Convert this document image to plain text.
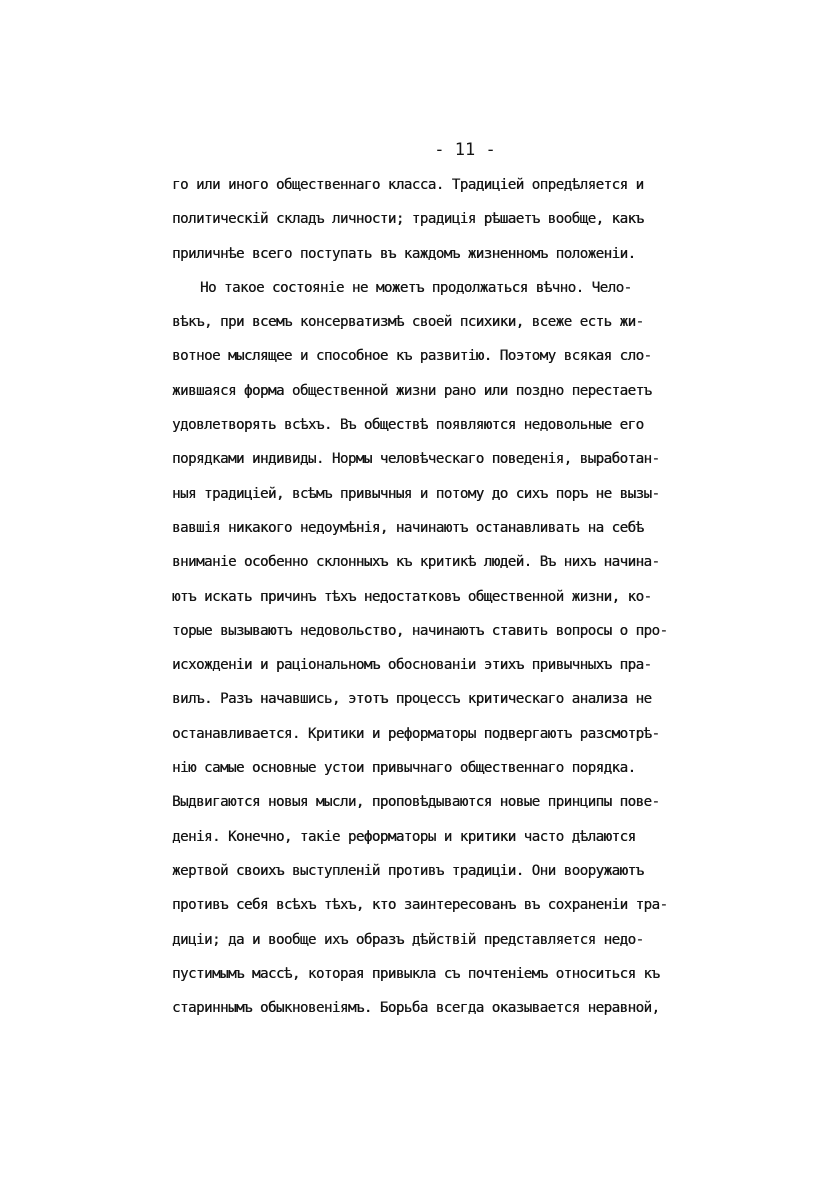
- 11 -
го или иного общественнаго класса. Традиціей опредѣляется и
политическій складъ личности; традиція рѣшаетъ вообще, какъ
приличнѣе всего поступать въ каждомъ жизненномъ положеніи.
Но такое состояніе не можетъ продолжаться вѣчно. Чело-
вѣкъ, при всемъ консерватизмѣ своей психики, всеже есть жи-
вотное мыслящее и способное къ развитію. Поэтому всякая сло-
жившаяся форма общественной жизни рано или поздно перестаетъ
удовлетворять всѣхъ. Въ обществѣ появляются недовольные его
порядками индивиды. Нормы человѣческаго поведенія, выработан-
ныя традиціей, всѣмъ привычныя и потому до сихъ поръ не вызы-
вавшія никакого недоумѣнія, начинаютъ останавливать на себѣ
вниманіе особенно склонныхъ къ критикѣ людей. Въ нихъ начина-
ютъ искать причинъ тѣхъ недостатковъ общественной жизни, ко-
торые вызываютъ недовольство, начинаютъ ставить вопросы о про-
исхожденіи и раціональномъ обоснованіи этихъ привычныхъ пра-
вилъ. Разъ начавшись, этотъ процессъ критическаго анализа не
останавливается. Критики и реформаторы подвергаютъ разсмотрѣ-
нію самые основные устои привычнаго общественнаго порядка.
Выдвигаются новыя мысли, проповѣдываются новые принципы пове-
денія. Конечно, такіе реформаторы и критики часто дѣлаются
жертвой своихъ выступленій противъ традиціи. Они вооружаютъ
противъ себя всѣхъ тѣхъ, кто заинтересованъ въ сохраненіи тра-
диціи; да и вообще ихъ образъ дѣйствій представляется недо-
пустимымъ массѣ, которая привыкла съ почтеніемъ относиться къ
стариннымъ обыкновеніямъ. Борьба всегда оказывается неравной,
